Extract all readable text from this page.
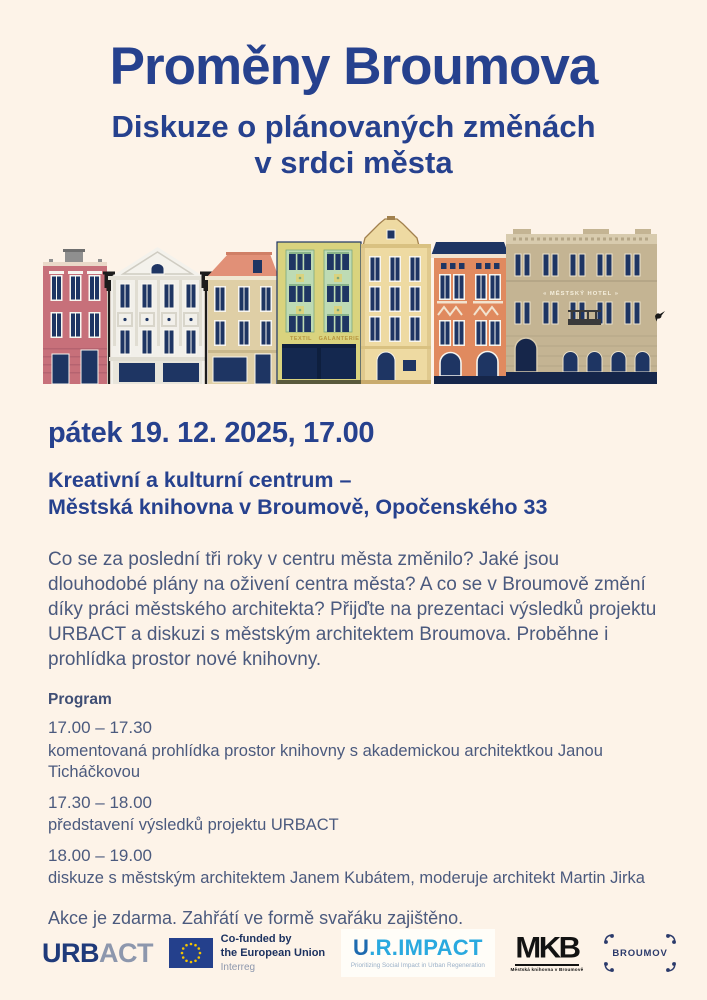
Proměny Broumova
Diskuze o plánovaných změnách
v srdci města
TEXTIL GALANTERIE
« MĚSTSKÝ HOTEL »
pátek 19. 12. 2025, 17.00
Kreativní a kulturní centrum –
Městská knihovna v Broumově, Opočenského 33

Co se za poslední tři roky v centru města změnilo? Jaké jsou dlouhodobé plány na oživení centra města? A co se v Broumově změní díky práci městského architekta? Přijďte na prezentaci výsledků projektu URBACT a diskuzi s městským architektem Broumova. Proběhne i prohlídka prostor nové knihovny.

Program
17.00 – 17.30
komentovaná prohlídka prostor knihovny s akademickou architektkou Janou Ticháčkovou
17.30 – 18.00
představení výsledků projektu URBACT
18.00 – 19.00
diskuze s městským architektem Janem Kubátem, moderuje architekt Martin Jirka

Akce je zdarma. Zahřátí ve formě svařáku zajištěno.

URB ACT	Co-funded by
the European Union
Interreg
U.R.IMPACT
Prioritizing Social Impact in Urban Regeneration
MKB
Městská knihovna v Broumově
BROUMOV
